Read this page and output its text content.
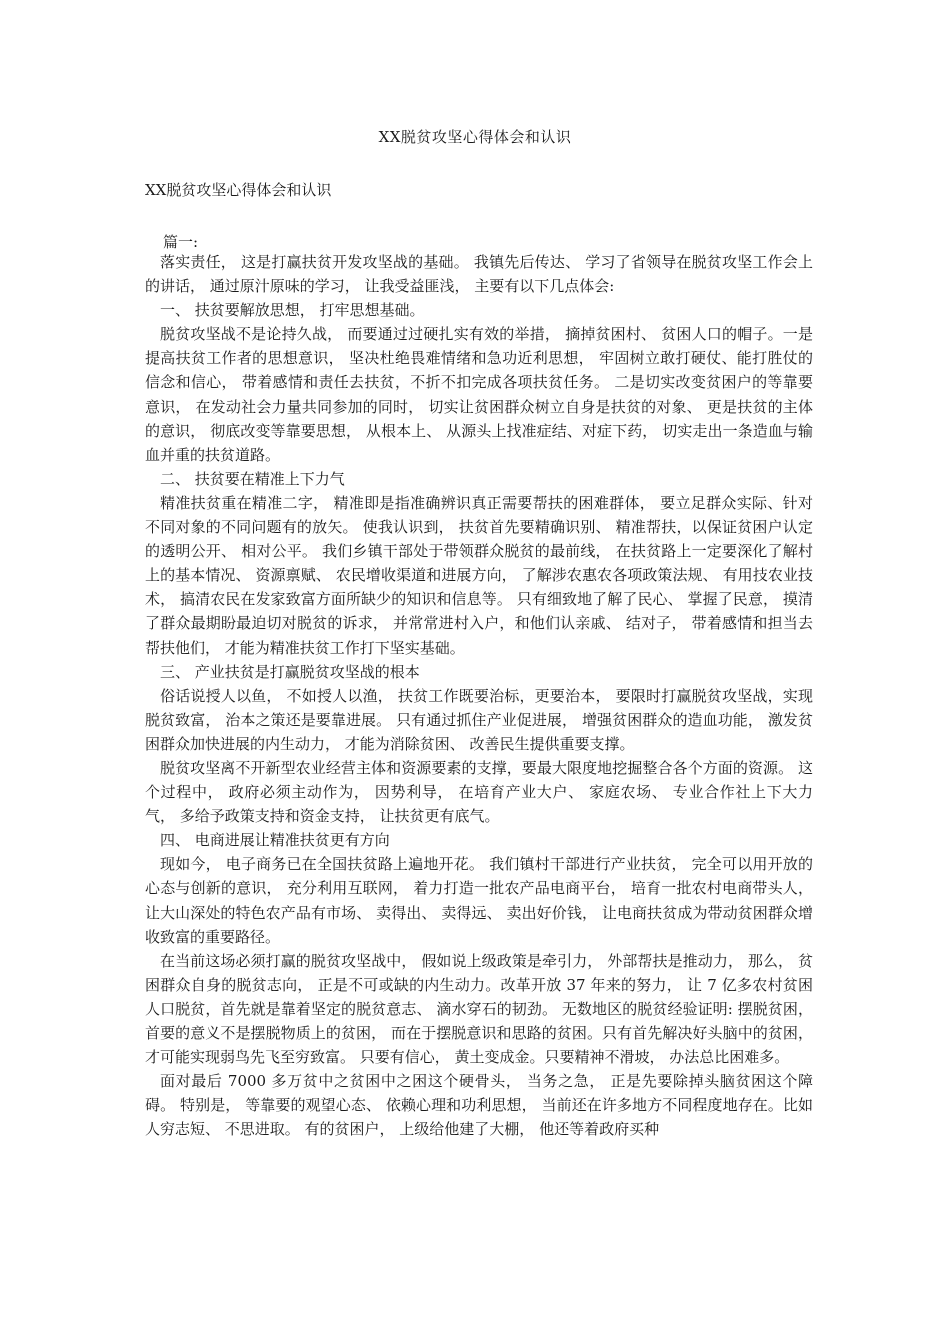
XX脱贫攻坚心得体会和认识
XX脱贫攻坚心得体会和认识
篇一:

落实责任， 这是打赢扶贫开发攻坚战的基础。 我镇先后传达、 学习了省领导在脱贫攻坚工作会上的讲话， 通过原汁原味的学习， 让我受益匪浅， 主要有以下几点体会:

一、 扶贫要解放思想， 打牢思想基础。

脱贫攻坚战不是论持久战， 而要通过过硬扎实有效的举措， 摘掉贫困村、 贫困人口的帽子。一是提高扶贫工作者的思想意识， 坚决杜绝畏难情绪和急功近利思想， 牢固树立敢打硬仗、能打胜仗的信念和信心， 带着感情和责任去扶贫，不折不扣完成各项扶贫任务。 二是切实改变贫困户的等靠要意识， 在发动社会力量共同参加的同时， 切实让贫困群众树立自身是扶贫的对象、 更是扶贫的主体的意识， 彻底改变等靠要思想， 从根本上、 从源头上找准症结、对症下药， 切实走出一条造血与输血并重的扶贫道路。

二、 扶贫要在精准上下力气

精准扶贫重在精准二字， 精准即是指准确辨识真正需要帮扶的困难群体， 要立足群众实际、针对不同对象的不同问题有的放矢。 使我认识到， 扶贫首先要精确识别、 精准帮扶，以保证贫困户认定的透明公开、 相对公平。 我们乡镇干部处于带领群众脱贫的最前线， 在扶贫路上一定要深化了解村上的基本情况、 资源禀赋、 农民增收渠道和进展方向， 了解涉农惠农各项政策法规、 有用技农业技术， 搞清农民在发家致富方面所缺少的知识和信息等。 只有细致地了解了民心、 掌握了民意， 摸清了群众最期盼最迫切对脱贫的诉求， 并常常进村入户，和他们认亲戚、 结对子， 带着感情和担当去帮扶他们， 才能为精准扶贫工作打下坚实基础。

三、 产业扶贫是打赢脱贫攻坚战的根本

俗话说授人以鱼， 不如授人以渔， 扶贫工作既要治标，更要治本， 要限时打赢脱贫攻坚战，实现脱贫致富， 治本之策还是要靠进展。 只有通过抓住产业促进展， 增强贫困群众的造血功能， 激发贫困群众加快进展的内生动力， 才能为消除贫困、 改善民生提供重要支撑。

脱贫攻坚离不开新型农业经营主体和资源要素的支撑，要最大限度地挖掘整合各个方面的资源。 这个过程中， 政府必须主动作为， 因势利导， 在培育产业大户、 家庭农场、 专业合作社上下大力气， 多给予政策支持和资金支持， 让扶贫更有底气。

四、 电商进展让精准扶贫更有方向

现如今， 电子商务已在全国扶贫路上遍地开花。 我们镇村干部进行产业扶贫， 完全可以用开放的心态与创新的意识， 充分利用互联网， 着力打造一批农产品电商平台， 培育一批农村电商带头人， 让大山深处的特色农产品有市场、 卖得出、 卖得远、 卖出好价钱， 让电商扶贫成为带动贫困群众增收致富的重要路径。

在当前这场必须打赢的脱贫攻坚战中， 假如说上级政策是牵引力， 外部帮扶是推动力， 那么， 贫困群众自身的脱贫志向， 正是不可或缺的内生动力。改革开放 37 年来的努力， 让 7 亿多农村贫困人口脱贫，首先就是靠着坚定的脱贫意志、 滴水穿石的韧劲。 无数地区的脱贫经验证明: 摆脱贫困， 首要的意义不是摆脱物质上的贫困， 而在于摆脱意识和思路的贫困。只有首先解决好头脑中的贫困， 才可能实现弱鸟先飞至穷致富。 只要有信心， 黄土变成金。只要精神不滑坡， 办法总比困难多。

面对最后 7000 多万贫中之贫困中之困这个硬骨头， 当务之急， 正是先要除掉头脑贫困这个障碍。 特别是， 等靠要的观望心态、 依赖心理和功利思想， 当前还在许多地方不同程度地存在。比如人穷志短、 不思进取。 有的贫困户， 上级给他建了大棚， 他还等着政府买种
